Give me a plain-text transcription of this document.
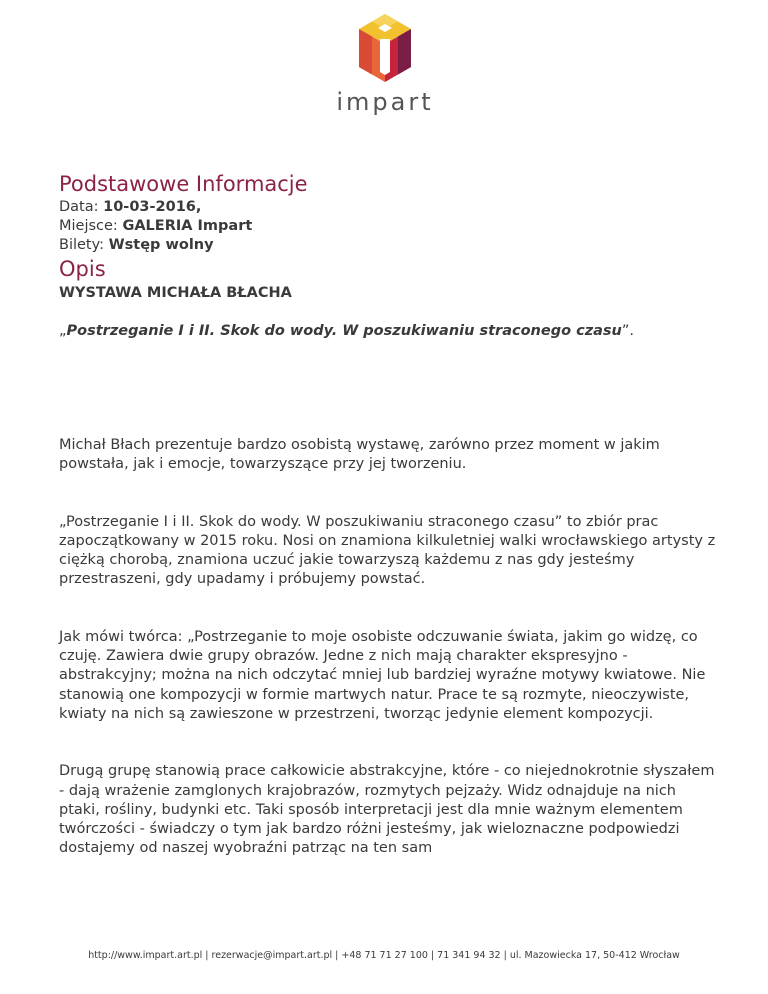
impart
Podstawowe Informacje

Data: 10-03-2016,

Miejsce: GALERIA Impart

Bilety: Wstęp wolny

Opis

WYSTAWA MICHAŁA BŁACHA

„Postrzeganie I i II. Skok do wody. W poszukiwaniu straconego czasu”.

Michał Błach prezentuje bardzo osobistą wystawę, zarówno przez moment w jakim powstała, jak i emocje, towarzyszące przy jej tworzeniu.

„Postrzeganie I i II. Skok do wody. W poszukiwaniu straconego czasu” to zbiór prac zapoczątkowany w 2015 roku. Nosi on znamiona kilkuletniej walki wrocławskiego artysty z ciężką chorobą, znamiona uczuć jakie towarzyszą każdemu z nas gdy jesteśmy przestraszeni, gdy upadamy i próbujemy powstać.

Jak mówi twórca: „Postrzeganie to moje osobiste odczuwanie świata, jakim go widzę, co czuję. Zawiera dwie grupy obrazów. Jedne z nich mają charakter ekspresyjno - abstrakcyjny; można na nich odczytać mniej lub bardziej wyraźne motywy kwiatowe. Nie stanowią one kompozycji w formie martwych natur. Prace te są rozmyte, nieoczywiste, kwiaty na nich są zawieszone w przestrzeni, tworząc jedynie element kompozycji.

Drugą grupę stanowią prace całkowicie abstrakcyjne, które - co niejednokrotnie słyszałem - dają wrażenie zamglonych krajobrazów, rozmytych pejzaży. Widz odnajduje na nich ptaki, rośliny, budynki etc. Taki sposób interpretacji jest dla mnie ważnym elementem twórczości - świadczy o tym jak bardzo różni jesteśmy, jak wieloznaczne podpowiedzi dostajemy od naszej wyobraźni patrząc na ten sam

http://www.impart.art.pl | rezerwacje@impart.art.pl | +48 71 71 27 100 | 71 341 94 32 | ul. Mazowiecka 17, 50-412 Wrocław
